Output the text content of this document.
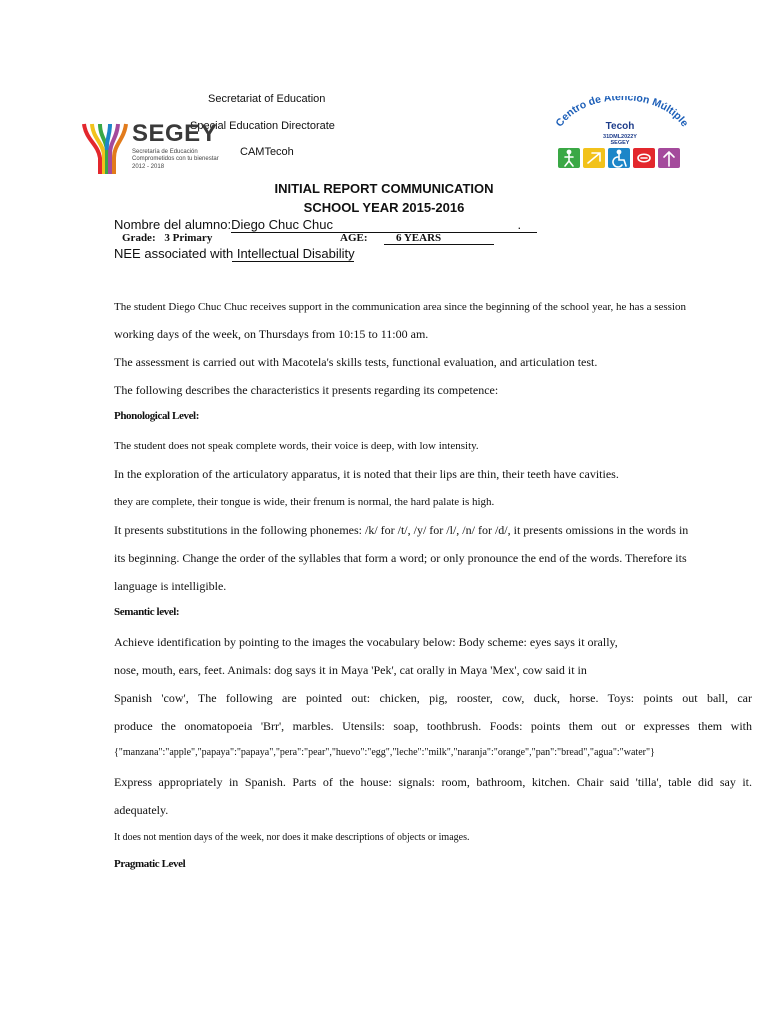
Secretariat of Education
Special Education Directorate
CAMTecoh
SEGEY
Secretaría de Educación
Comprometidos con tu bienestar
2012 - 2018
Centro de Atención Múltiple
Tecoh
31DML2022Y
SEGEY
INITIAL REPORT COMMUNICATION
SCHOOL YEAR 2015-2016
Nombre del alumno:Diego Chuc Chuc	.
Grade: 3 Primary	AGE:	6 YEARS
NEE associated with Intellectual Disability
The student Diego Chuc Chuc receives support in the communication area since the beginning of the school year, he has a session
working days of the week, on Thursdays from 10:15 to 11:00 am.
The assessment is carried out with Macotela's skills tests, functional evaluation, and articulation test.
The following describes the characteristics it presents regarding its competence:
Phonological Level:
The student does not speak complete words, their voice is deep, with low intensity.
In the exploration of the articulatory apparatus, it is noted that their lips are thin, their teeth have cavities.
they are complete, their tongue is wide, their frenum is normal, the hard palate is high.
It presents substitutions in the following phonemes: /k/ for /t/, /y/ for /l/, /n/ for /d/, it presents omissions in the words in
its beginning. Change the order of the syllables that form a word; or only pronounce the end of the words. Therefore its
language is intelligible.
Semantic level:
Achieve identification by pointing to the images the vocabulary below: Body scheme: eyes says it orally,
nose, mouth, ears, feet. Animals: dog says it in Maya 'Pek', cat orally in Maya 'Mex', cow said it in
Spanish 'cow', The following are pointed out: chicken, pig, rooster, cow, duck, horse. Toys: points out ball, car
produce the onomatopoeia 'Brr', marbles. Utensils: soap, toothbrush. Foods: points them out or expresses them with
{"manzana":"apple","papaya":"papaya","pera":"pear","huevo":"egg","leche":"milk","naranja":"orange","pan":"bread","agua":"water"}
Express appropriately in Spanish. Parts of the house: signals: room, bathroom, kitchen. Chair said 'tilla', table did say it.
adequately.
It does not mention days of the week, nor does it make descriptions of objects or images.
Pragmatic Level
